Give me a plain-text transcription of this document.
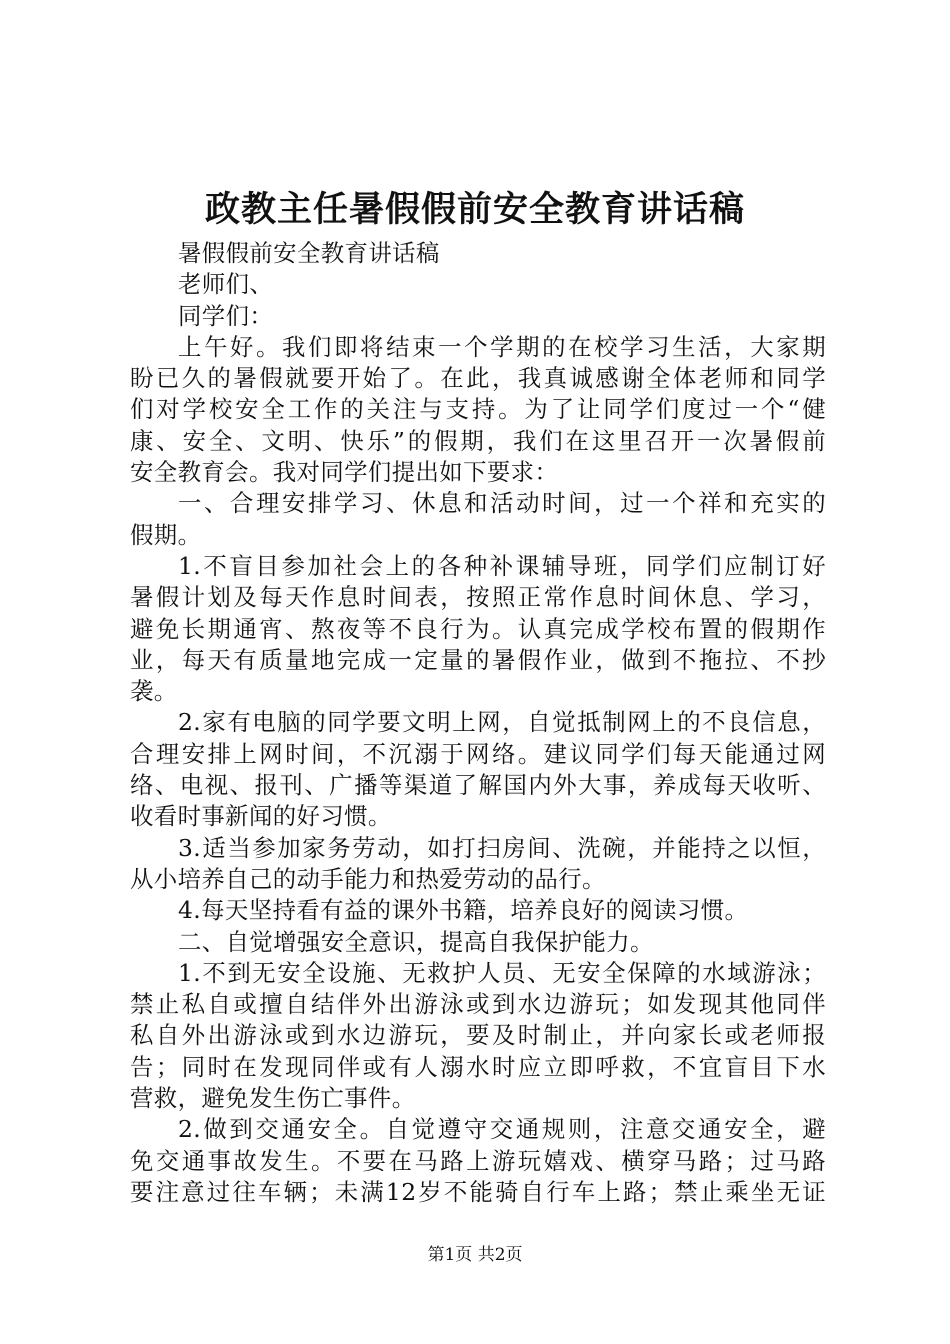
政教主任暑假假前安全教育讲话稿
暑假假前安全教育讲话稿
老师们、
同学们：
上午好。我们即将结束一个学期的在校学习生活，大家期
盼已久的暑假就要开始了。在此，我真诚感谢全体老师和同学
们对学校安全工作的关注与支持。为了让同学们度过一个“健
康、安全、文明、快乐”的假期，我们在这里召开一次暑假前
安全教育会。我对同学们提出如下要求：
一、合理安排学习、休息和活动时间，过一个祥和充实的
假期。
1.不盲目参加社会上的各种补课辅导班，同学们应制订好
暑假计划及每天作息时间表，按照正常作息时间休息、学习，
避免长期通宵、熬夜等不良行为。认真完成学校布置的假期作
业，每天有质量地完成一定量的暑假作业，做到不拖拉、不抄
袭。
2.家有电脑的同学要文明上网，自觉抵制网上的不良信息，
合理安排上网时间，不沉溺于网络。建议同学们每天能通过网
络、电视、报刊、广播等渠道了解国内外大事，养成每天收听、
收看时事新闻的好习惯。
3.适当参加家务劳动，如打扫房间、洗碗，并能持之以恒，
从小培养自己的动手能力和热爱劳动的品行。
4.每天坚持看有益的课外书籍，培养良好的阅读习惯。
二、自觉增强安全意识，提高自我保护能力。
1.不到无安全设施、无救护人员、无安全保障的水域游泳；
禁止私自或擅自结伴外出游泳或到水边游玩；如发现其他同伴
私自外出游泳或到水边游玩，要及时制止，并向家长或老师报
告；同时在发现同伴或有人溺水时应立即呼救，不宜盲目下水
营救，避免发生伤亡事件。
2.做到交通安全。自觉遵守交通规则，注意交通安全，避
免交通事故发生。不要在马路上游玩嬉戏、横穿马路；过马路
要注意过往车辆；未满12岁不能骑自行车上路；禁止乘坐无证
第1页 共2页
